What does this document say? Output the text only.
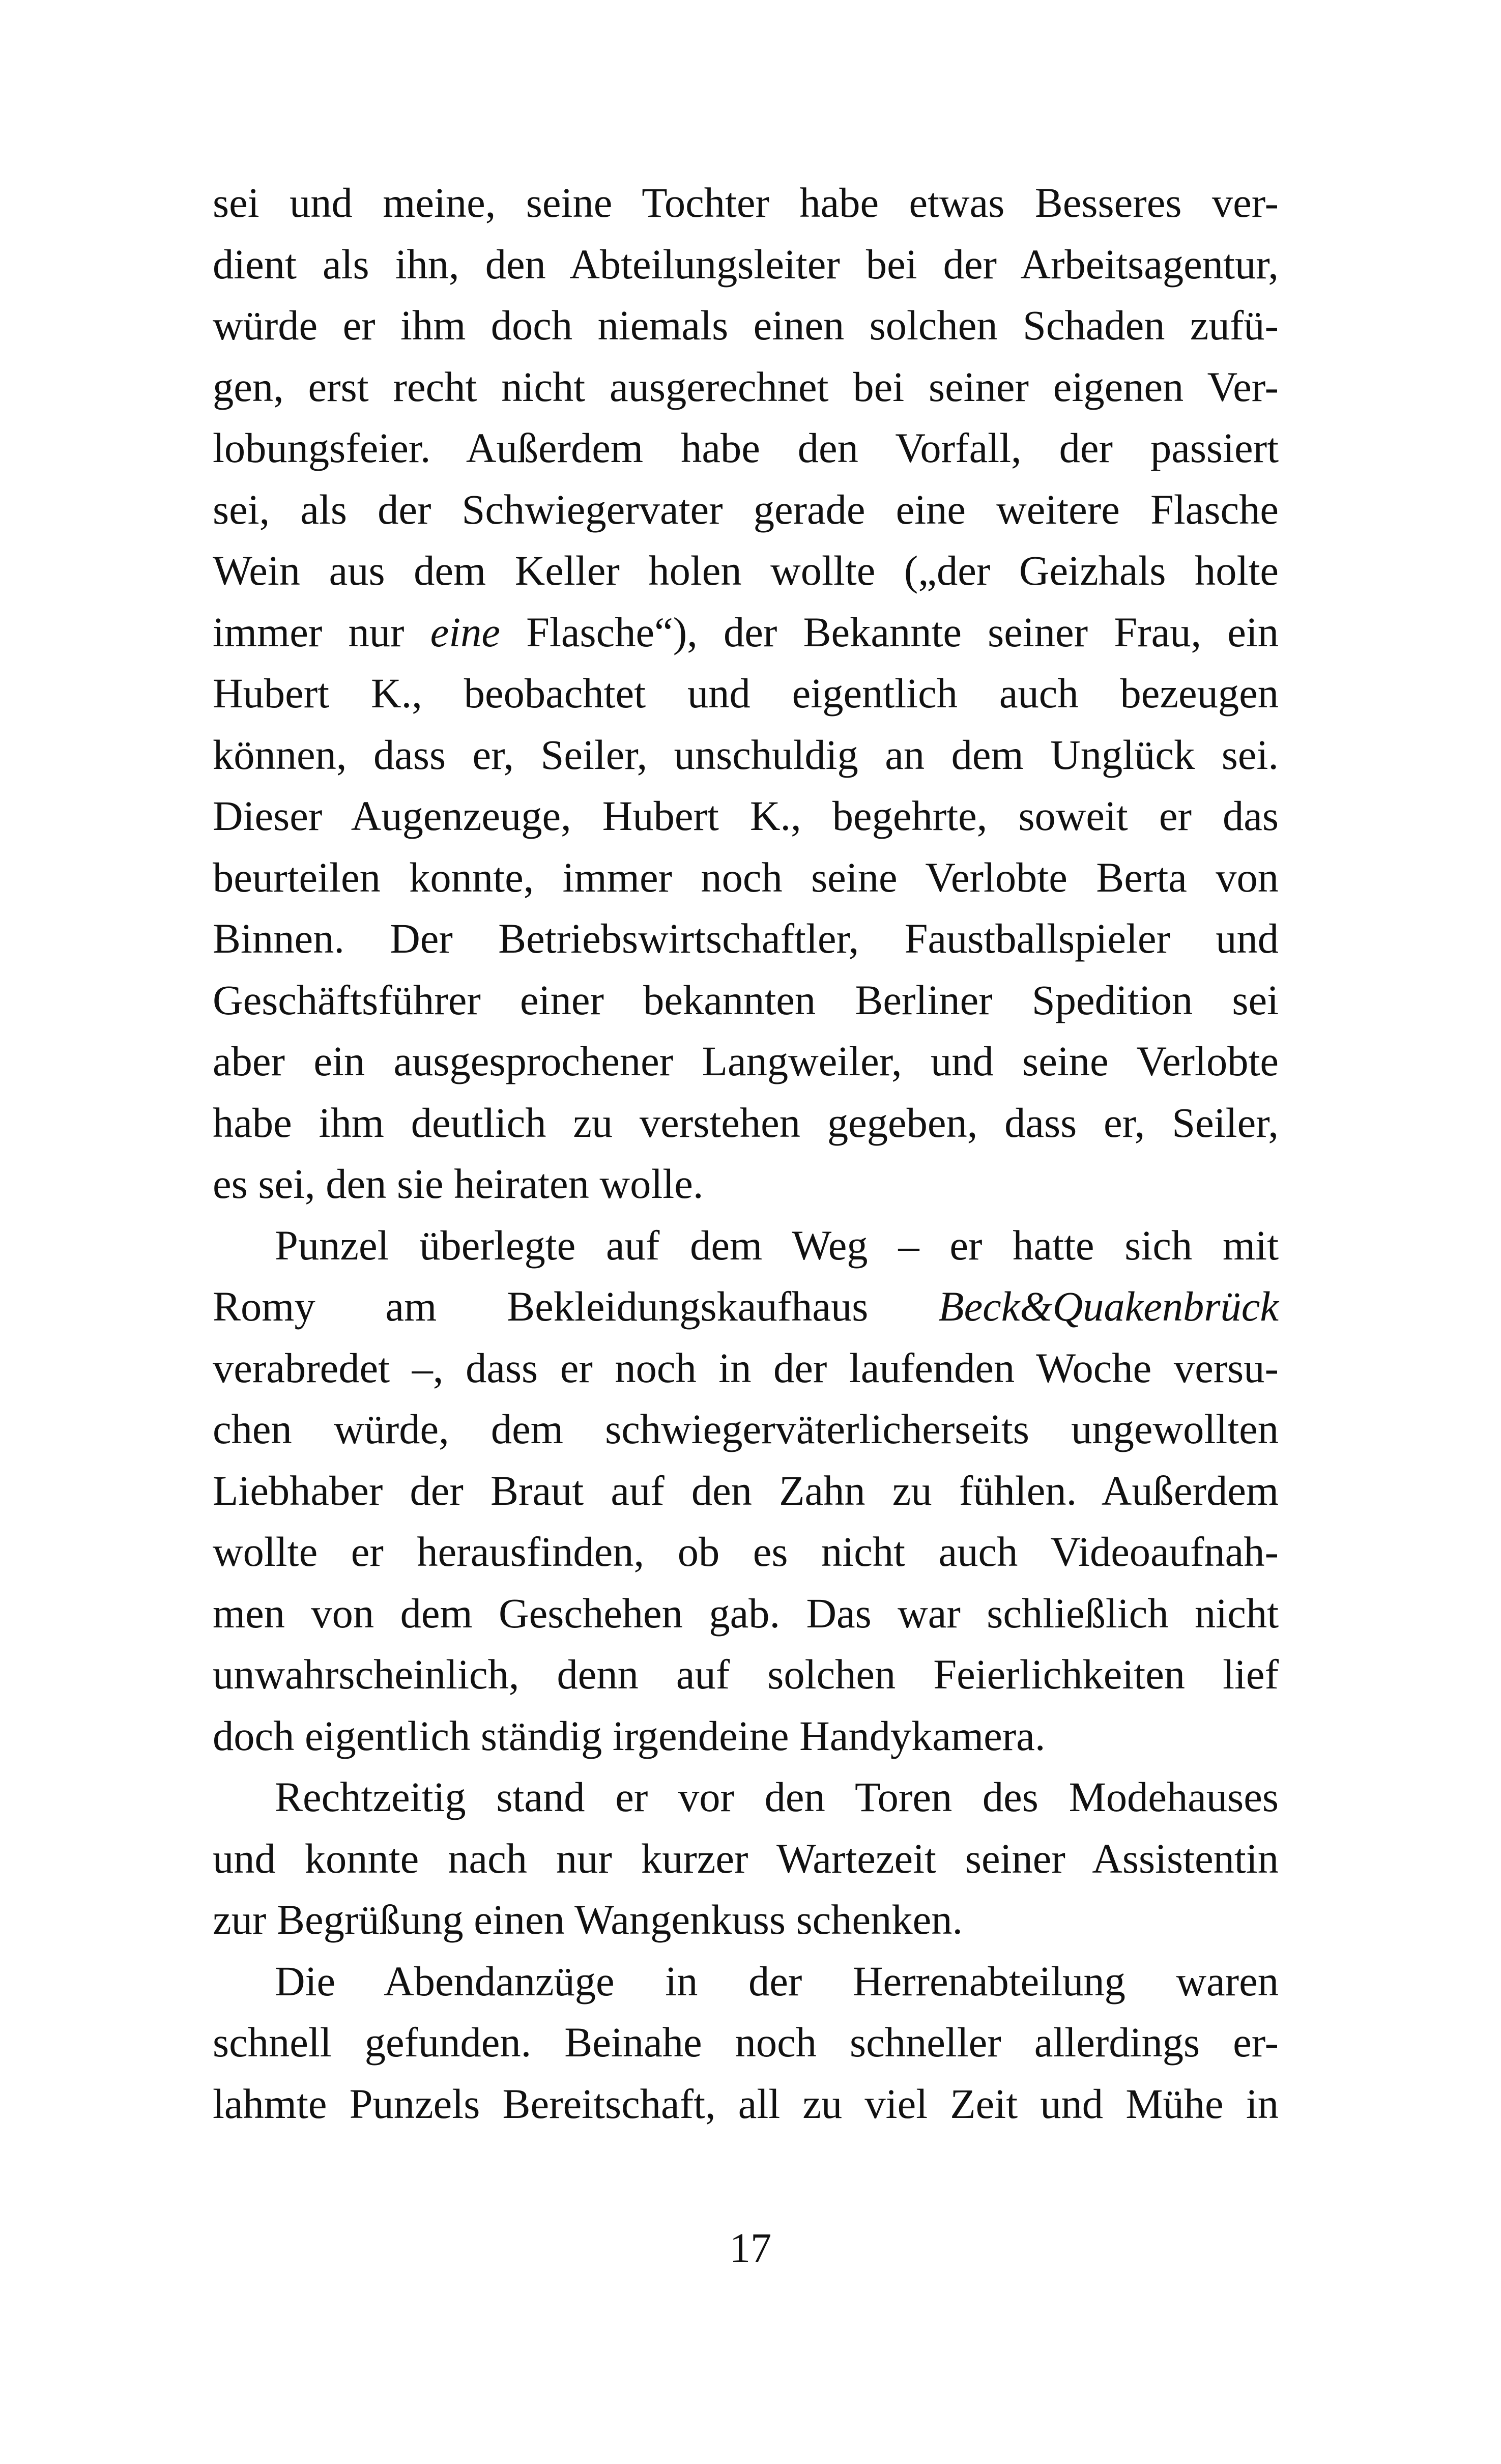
sei und meine, seine Tochter habe etwas Besseres ver-
dient als ihn, den Abteilungsleiter bei der Arbeitsagentur,
würde er ihm doch niemals einen solchen Schaden zufü-
gen, erst recht nicht ausgerechnet bei seiner eigenen Ver-
lobungsfeier. Außerdem habe den Vorfall, der passiert
sei, als der Schwiegervater gerade eine weitere Flasche
Wein aus dem Keller holen wollte („der Geizhals holte
immer nur eine Flasche“), der Bekannte seiner Frau, ein
Hubert K., beobachtet und eigentlich auch bezeugen
können, dass er, Seiler, unschuldig an dem Unglück sei.
Dieser Augenzeuge, Hubert K., begehrte, soweit er das
beurteilen konnte, immer noch seine Verlobte Berta von
Binnen. Der Betriebswirtschaftler, Faustballspieler und
Geschäftsführer einer bekannten Berliner Spedition sei
aber ein ausgesprochener Langweiler, und seine Verlobte
habe ihm deutlich zu verstehen gegeben, dass er, Seiler,
es sei, den sie heiraten wolle.
Punzel überlegte auf dem Weg – er hatte sich mit
Romy am Bekleidungskaufhaus Beck&Quakenbrück
verabredet –, dass er noch in der laufenden Woche versu-
chen würde, dem schwiegerväterlicherseits ungewollten
Liebhaber der Braut auf den Zahn zu fühlen. Außerdem
wollte er herausfinden, ob es nicht auch Videoaufnah-
men von dem Geschehen gab. Das war schließlich nicht
unwahrscheinlich, denn auf solchen Feierlichkeiten lief
doch eigentlich ständig irgendeine Handykamera.
Rechtzeitig stand er vor den Toren des Modehauses
und konnte nach nur kurzer Wartezeit seiner Assistentin
zur Begrüßung einen Wangenkuss schenken.
Die Abendanzüge in der Herrenabteilung waren
schnell gefunden. Beinahe noch schneller allerdings er-
lahmte Punzels Bereitschaft, all zu viel Zeit und Mühe in
17
